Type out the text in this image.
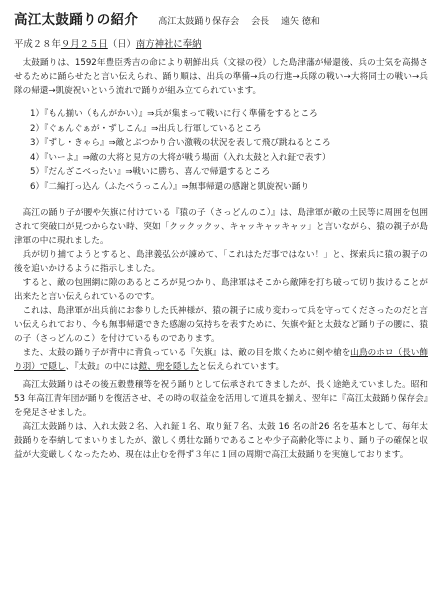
高江太鼓踊りの紹介 高江太鼓踊り保存会 会長 遠矢 徳和
平成２８年９月２５日（日）南方神社に奉納

太鼓踊りは、1592年豊臣秀吉の命により朝鮮出兵（文禄の役）した島津藩が帰還後、兵の士気を高揚させるために踊らせたと言い伝えられ、踊り順は、出兵の準備→兵の行進→兵隊の戦い→大将同士の戦い→兵隊の帰還→凱旋祝いという流れで踊りが組み立てられています。

1）『もん揃い（もんがかい）』⇒兵が集まって戦いに行く準備をするところ
2）『ぐぁんぐぁが・ずしこん』⇒出兵し行軍しているところ
3）『ずし・きゃら』⇒敵とぶつかり合い激戦の状況を表して飛び跳ねるところ
4）『いーよ』⇒敵の大将と見方の大将が戦う場面（入れ太鼓と入れ鉦で表す）
5）『だんざこべったい』⇒戦いに勝ち、喜んで帰還するところ
6）『二編打っ込ん（ふたぺうっこん）』⇒無事帰還の感謝と凱旋祝い踊り

高江の踊り子が腰や矢旗に付けている『猿の子（さっどんのこ）』は、島津軍が敵の土民等に周囲を包囲されて突破口が見つからない時、突如「クックックッ、キャッキャッキャッ」と言いながら、猿の親子が島津軍の中に現れました。

兵が切り捕てようとすると、島津義弘公が諌めて、「これはただ事ではない！」と、探索兵に猿の親子の後を追いかけるように指示しました。

すると、敵の包囲網に隙のあるところが見つかり、島津軍はそこから敵陣を打ち破って切り抜けることが出来たと言い伝えられているのです。

これは、島津軍が出兵前にお参りした氏神様が、猿の親子に成り変わって兵を守ってくださったのだと言い伝えられており、今も無事帰還できた感謝の気持ちを表すために、矢旗や鉦と太鼓など踊り子の腰に、猿の子（さっどんのこ）を付けているものであります。

また、太鼓の踊り子が背中に背負っている『矢旗』は、敵の目を欺くために剣や槍を山鳥のホロ（長い飾り羽）で隠し、『太鼓』の中には鎧、兜を隠したと伝えられています。

高江太鼓踊りはその後五穀豊穣等を祝う踊りとして伝承されてきましたが、長く途絶えていました。昭和 53 年高江青年団が踊りを復活させ、その時の収益金を活用して道具を揃え、翌年に『高江太鼓踊り保存会』を発足させました。

高江太鼓踊りは、入れ太鼓２名、入れ鉦１名、取り鉦７名、太鼓 16 名の計26 名を基本として、毎年太鼓踊りを奉納してまいりましたが、激しく勇壮な踊りであることや少子高齢化等により、踊り子の確保と収益が大変厳しくなったため、現在は止むを得ず３年に１回の周期で高江太鼓踊りを実施しております。
